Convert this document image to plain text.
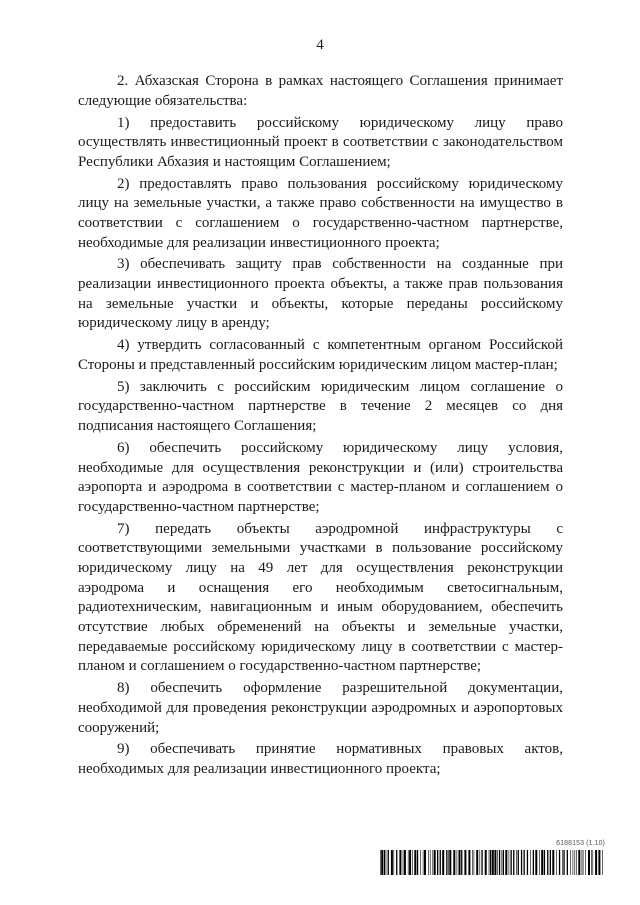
4

2. Абхазская Сторона в рамках настоящего Соглашения принимает следующие обязательства:

1) предоставить российскому юридическому лицу право осуществлять инвестиционный проект в соответствии с законодательством Республики Абхазия и настоящим Соглашением;

2) предоставлять право пользования российскому юридическому лицу на земельные участки, а также право собственности на имущество в соответствии с соглашением о государственно-частном партнерстве, необходимые для реализации инвестиционного проекта;

3) обеспечивать защиту прав собственности на созданные при реализации инвестиционного проекта объекты, а также прав пользования на земельные участки и объекты, которые переданы российскому юридическому лицу в аренду;

4) утвердить согласованный с компетентным органом Российской Стороны и представленный российским юридическим лицом мастер-план;

5) заключить с российским юридическим лицом соглашение о государственно-частном партнерстве в течение 2 месяцев со дня подписания настоящего Соглашения;

6) обеспечить российскому юридическому лицу условия, необходимые для осуществления реконструкции и (или) строительства аэропорта и аэродрома в соответствии с мастер-планом и соглашением о государственно-частном партнерстве;

7) передать объекты аэродромной инфраструктуры с соответствующими земельными участками в пользование российскому юридическому лицу на 49 лет для осуществления реконструкции аэродрома и оснащения его необходимым светосигнальным, радиотехническим, навигационным и иным оборудованием, обеспечить отсутствие любых обременений на объекты и земельные участки, передаваемые российскому юридическому лицу в соответствии с мастер-планом и соглашением о государственно-частном партнерстве;

8) обеспечить оформление разрешительной документации, необходимой для проведения реконструкции аэродромных и аэропортовых сооружений;

9) обеспечивать принятие нормативных правовых актов, необходимых для реализации инвестиционного проекта;

6188153 (1.10)
